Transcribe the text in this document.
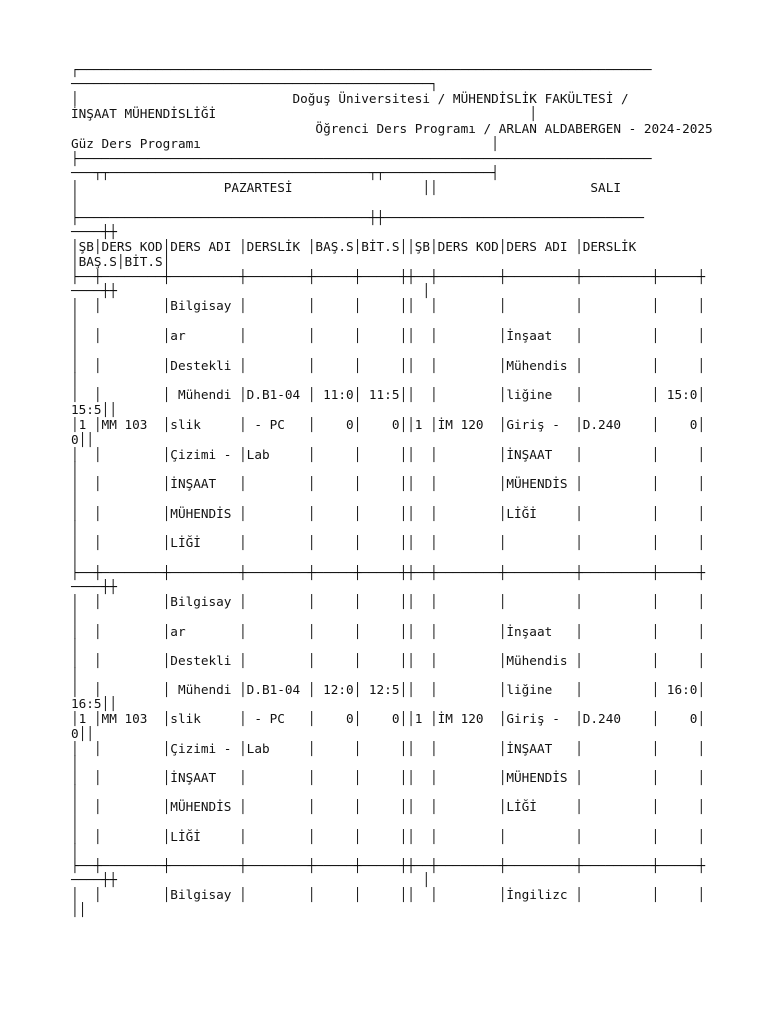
┌───────────────────────────────────────────────────────────────────────────
───────────────────────────────────────────────┐
│                            Doğuş Üniversitesi / MÜHENDİSLİK FAKÜLTESİ /
İNŞAAT MÜHENDİSLİĞİ                                         │
Öğrenci Ders Programı / ARLAN ALDABERGEN - 2024-2025
Güz Ders Programı                                      │
├───────────────────────────────────────────────────────────────────────────
───┬┬──────────────────────────────────┬┬──────────────┤
│                   PAZARTESİ                 ││                    SALI
│
├──────────────────────────────────────┼┼──────────────────────────────────
────┼┼
│ŞB│DERS KOD│DERS ADI │DERSLİK │BAŞ.S│BİT.S││ŞB│DERS KOD│DERS ADI │DERSLİK
│BAŞ.S│BİT.S│
├──┼────────┼─────────┼────────┼─────┼─────┼┼──┼────────┼─────────┼─────────┼─────┼
────┼┼                                        │
│  │        │Bilgisay │        │     │     ││  │        │         │         │     │
│
│  │        │ar       │        │     │     ││  │        │İnşaat   │         │     │
│
│  │        │Destekli │        │     │     ││  │        │Mühendis │         │     │
│
│  │        │ Mühendi │D.B1-04 │ 11:0│ 11:5││  │        │liğine   │         │ 15:0│
15:5││
│1 │MM 103  │slik     │ - PC   │    0│    0││1 │İM 120  │Giriş -  │D.240    │    0│
0││
│  │        │Çizimi - │Lab     │     │     ││  │        │İNŞAAT   │         │     │
│
│  │        │İNŞAAT   │        │     │     ││  │        │MÜHENDİS │         │     │
│
│  │        │MÜHENDİS │        │     │     ││  │        │LİĞİ     │         │     │
│
│  │        │LİĞİ     │        │     │     ││  │        │         │         │     │
│
├──┼────────┼─────────┼────────┼─────┼─────┼┼──┼────────┼─────────┼─────────┼─────┼
────┼┼
│  │        │Bilgisay │        │     │     ││  │        │         │         │     │
│
│  │        │ar       │        │     │     ││  │        │İnşaat   │         │     │
│
│  │        │Destekli │        │     │     ││  │        │Mühendis │         │     │
│
│  │        │ Mühendi │D.B1-04 │ 12:0│ 12:5││  │        │liğine   │         │ 16:0│
16:5││
│1 │MM 103  │slik     │ - PC   │    0│    0││1 │İM 120  │Giriş -  │D.240    │    0│
0││
│  │        │Çizimi - │Lab     │     │     ││  │        │İNŞAAT   │         │     │
│
│  │        │İNŞAAT   │        │     │     ││  │        │MÜHENDİS │         │     │
│
│  │        │MÜHENDİS │        │     │     ││  │        │LİĞİ     │         │     │
│
│  │        │LİĞİ     │        │     │     ││  │        │         │         │     │
│
├──┼────────┼─────────┼────────┼─────┼─────┼┼──┼────────┼─────────┼─────────┼─────┼
────┼┼                                        │
│  │        │Bilgisay │        │     │     ││  │        │İngilizc │         │     │
││
